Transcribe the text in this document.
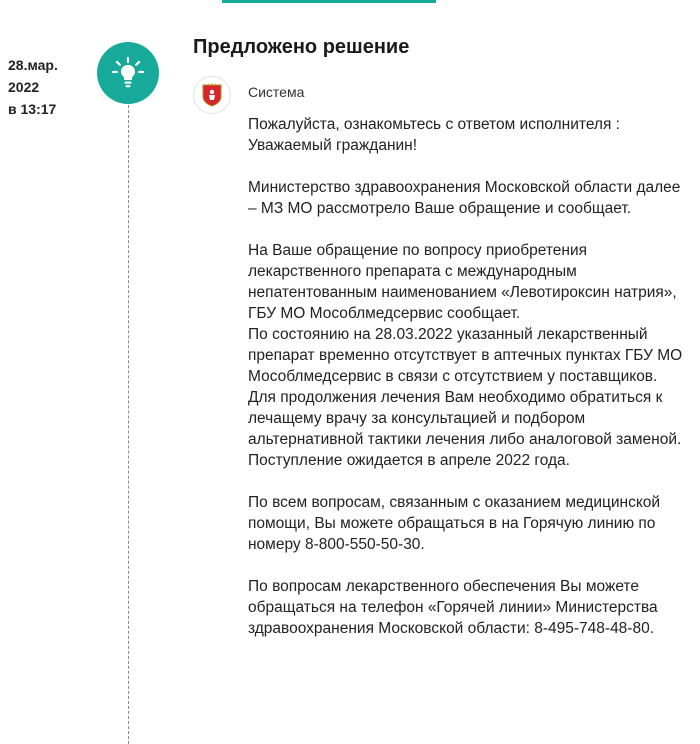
28.мар.
2022
в 13:17
Предложено решение
Система

Пожалуйста, ознакомьтесь с ответом исполнителя :
Уважаемый гражданин!

Министерство здравоохранения Московской области далее – МЗ МО рассмотрело Ваше обращение и сообщает.

На Ваше обращение по вопросу приобретения лекарственного препарата с международным непатентованным наименованием «Левотироксин натрия», ГБУ МО Мособлмедсервис сообщает.
По состоянию на 28.03.2022 указанный лекарственный препарат временно отсутствует в аптечных пунктах ГБУ МО Мособлмедсервис в связи с отсутствием у поставщиков.
Для продолжения лечения Вам необходимо обратиться к лечащему врачу за консультацией и подбором альтернативной тактики лечения либо аналоговой заменой.
Поступление ожидается в апреле 2022 года.

По всем вопросам, связанным с оказанием медицинской помощи, Вы можете обращаться в на Горячую линию по номеру 8-800-550-50-30.

По вопросам лекарственного обеспечения Вы можете обращаться на телефон «Горячей линии» Министерства здравоохранения Московской области: 8-495-748-48-80.
